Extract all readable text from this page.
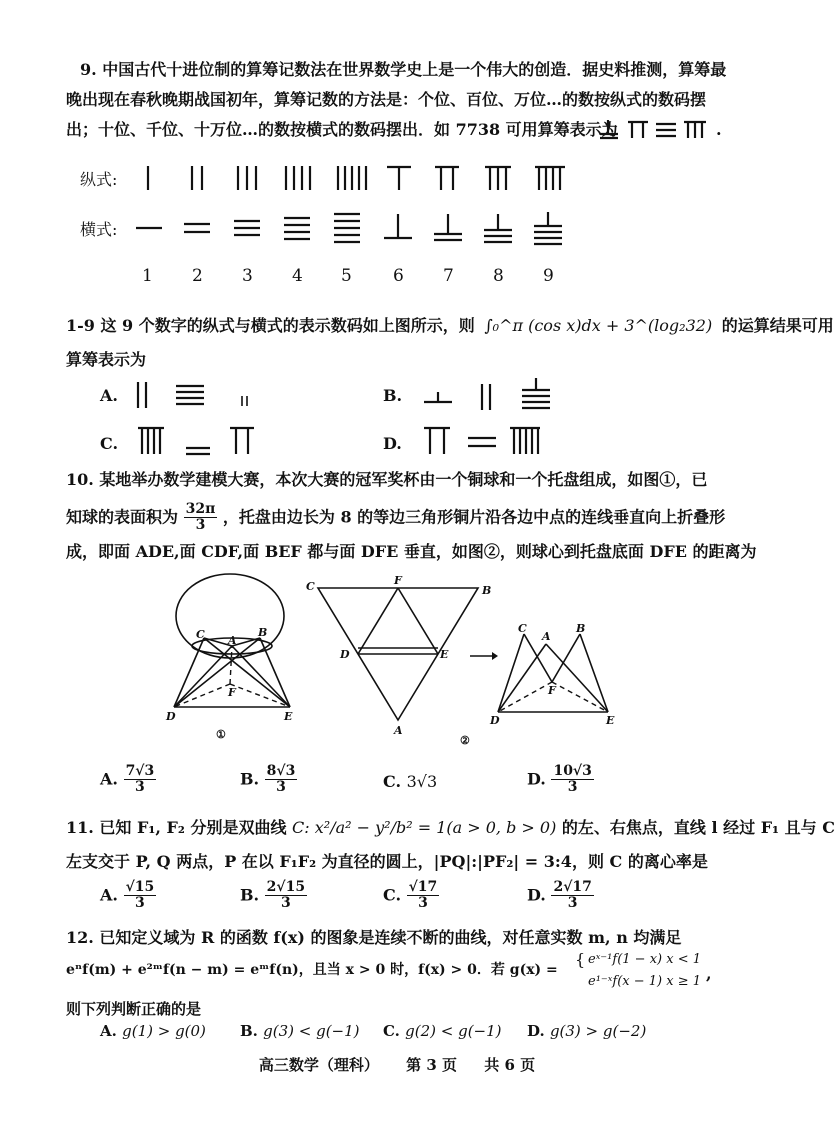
9. 中国古代十进位制的算筹记数法在世界数学史上是一个伟大的创造．据史料推测，算筹最
晚出现在春秋晚期战国初年，算筹记数的方法是：个位、百位、万位…的数按纵式的数码摆
出；十位、千位、十万位…的数按横式的数码摆出．如 7738 可用算筹表示为	.
纵式:
横式:
1 2 3 4 5 6 7 8 9
1-9 这 9 个数字的纵式与横式的表示数码如上图所示，则 ∫₀^π (cos x)dx + 3^(log₂32) 的运算结果可用
算筹表示为
A.	B.
C.	D.
10. 某地举办数学建模大赛，本次大赛的冠军奖杯由一个铜球和一个托盘组成，如图①，已
知球的表面积为 $\frac{32\pi}{3}$ ，托盘由边长为 8 的等边三角形铜片沿各边中点的连线垂直向上折叠形
成，即面 ADE,面 CDF,面 BEF 都与面 DFE 垂直，如图②，则球心到托盘底面 DFE 的距离为
C	B
A
F
D	E
①
C	F
B
D	E
A
②
C
A
B
F
D	E
A. $\frac{7√3}{3}$	B. $\frac{8√3}{3}$	C. 3√3	D. $\frac{10√3}{3}$
11. 已知 F₁, F₂ 分别是双曲线 C: x²/a² − y²/b² = 1(a > 0, b > 0) 的左、右焦点，直线 l 经过 F₁ 且与 C
左支交于 P, Q 两点，P 在以 F₁F₂ 为直径的圆上，|PQ|:|PF₂| = 3:4，则 C 的离心率是
A. $\frac{√15}{3}$	B. $\frac{2√15}{3}$	C. $\frac{√17}{3}$	D. $\frac{2√17}{3}$
12. 已知定义域为 R 的函数 f(x) 的图象是连续不断的曲线，对任意实数 m, n 均满足
eⁿf(m) + e²ᵐf(n − m) = eᵐf(n)，且当 x > 0 时，f(x) > 0．若 g(x) =
{ eˣ⁻¹f(1 − x) x < 1
e¹⁻ˣf(x − 1) x ≥ 1 ,
则下列判断正确的是
A. g(1) > g(0) B. g(3) < g(−1) C. g(2) < g(−1) D. g(3) > g(−2)
高三数学（理科） 第 3 页 共 6 页
